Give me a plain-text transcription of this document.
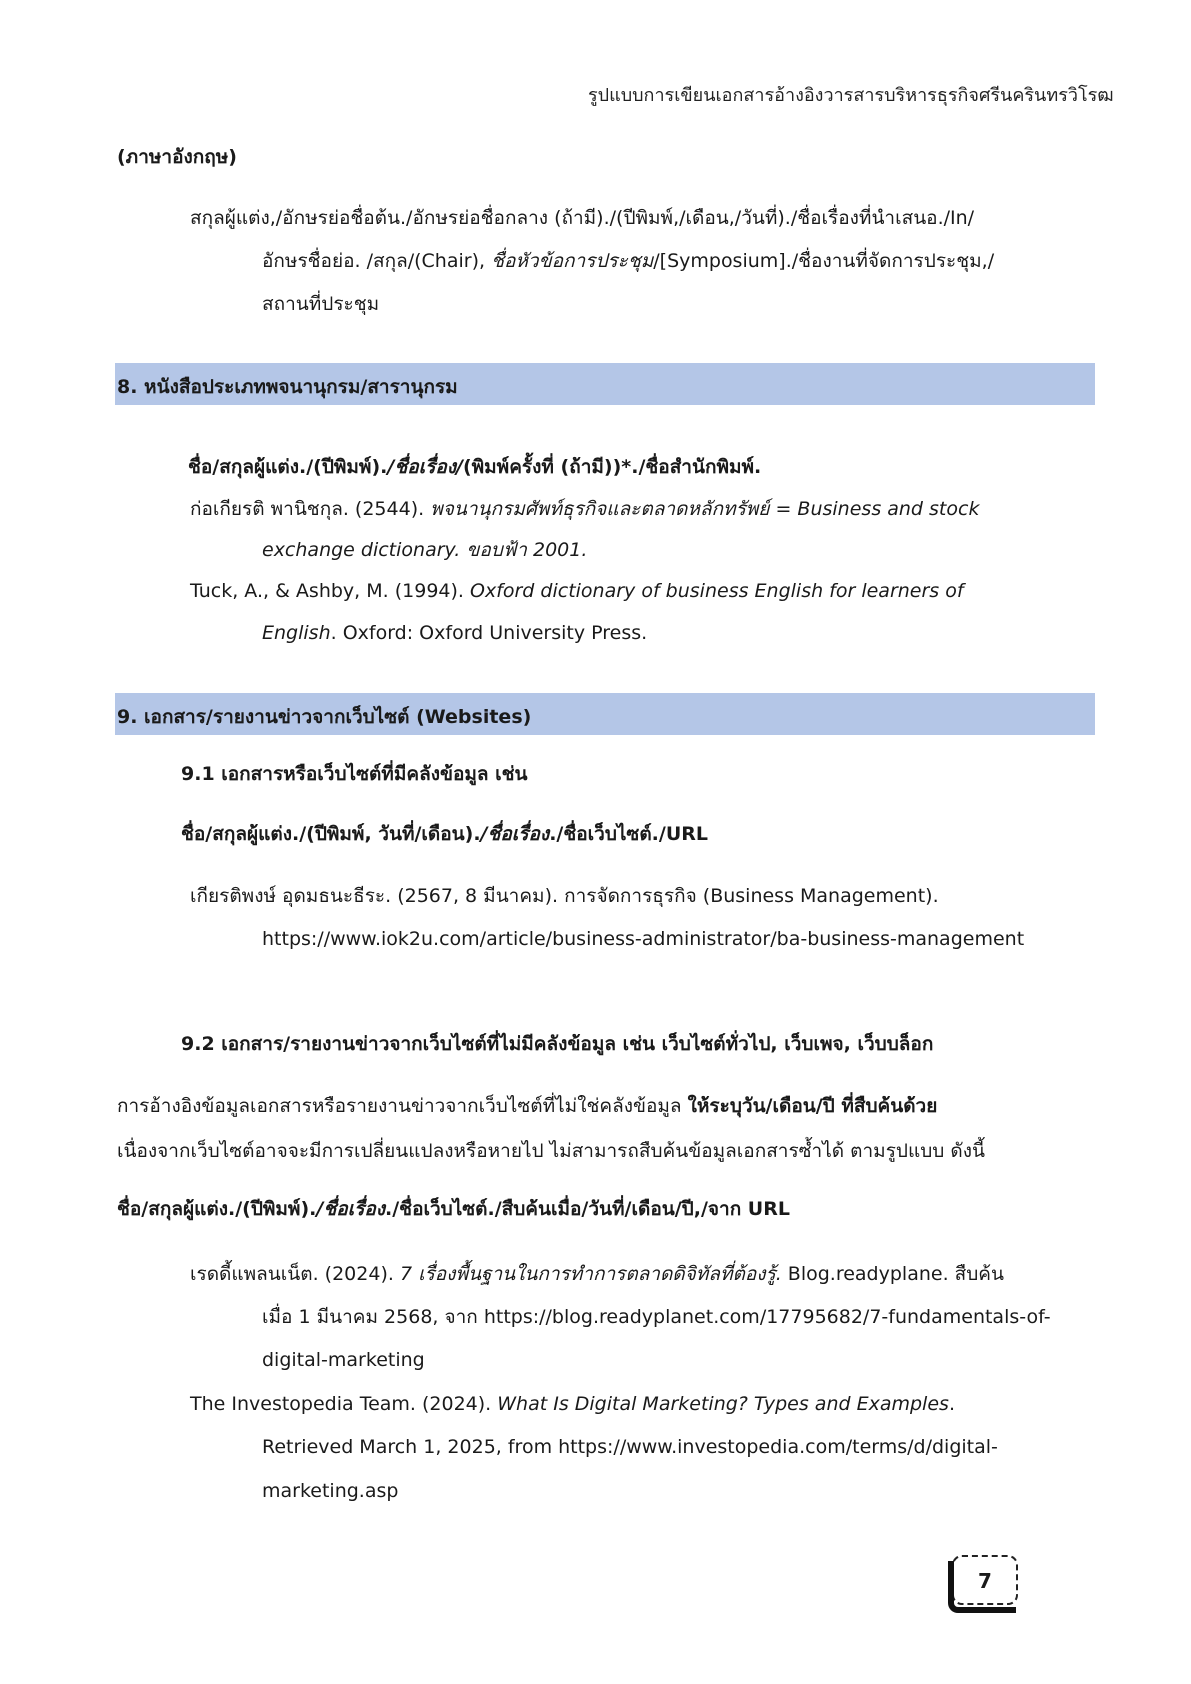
รูปแบบการเขียนเอกสารอ้างอิงวารสารบริหารธุรกิจศรีนครินทรวิโรฒ
(ภาษาอังกฤษ)
สกุลผู้แต่ง,/อักษรย่อชื่อต้น./อักษรย่อชื่อกลาง (ถ้ามี)./(ปีพิมพ์,/เดือน,/วันที่)./ชื่อเรื่องที่นำเสนอ./In/
อักษรชื่อย่อ. /สกุล/(Chair), ชื่อหัวข้อการประชุม/[Symposium]./ชื่องานที่จัดการประชุม,/
สถานที่ประชุม
8. หนังสือประเภทพจนานุกรม/สารานุกรม
ชื่อ/สกุลผู้แต่ง./(ปีพิมพ์)./ชื่อเรื่อง/(พิมพ์ครั้งที่ (ถ้ามี))*./ชื่อสำนักพิมพ์.
ก่อเกียรติ พานิชกุล. (2544). พจนานุกรมศัพท์ธุรกิจและตลาดหลักทรัพย์ = Business and stock
exchange dictionary. ขอบฟ้า 2001.
Tuck, A., & Ashby, M. (1994). Oxford dictionary of business English for learners of
English. Oxford: Oxford University Press.
9. เอกสาร/รายงานข่าวจากเว็บไซต์ (Websites)
9.1 เอกสารหรือเว็บไซต์ที่มีคลังข้อมูล เช่น
ชื่อ/สกุลผู้แต่ง./(ปีพิมพ์, วันที่/เดือน)./ชื่อเรื่อง./ชื่อเว็บไซต์./URL
เกียรติพงษ์ อุดมธนะธีระ. (2567, 8 มีนาคม). การจัดการธุรกิจ (Business Management).
https://www.iok2u.com/article/business-administrator/ba-business-management
9.2 เอกสาร/รายงานข่าวจากเว็บไซต์ที่ไม่มีคลังข้อมูล เช่น เว็บไซต์ทั่วไป, เว็บเพจ, เว็บบล็อก
การอ้างอิงข้อมูลเอกสารหรือรายงานข่าวจากเว็บไซต์ที่ไม่ใช่คลังข้อมูล ให้ระบุวัน/เดือน/ปี ที่สืบค้นด้วย
เนื่องจากเว็บไซต์อาจจะมีการเปลี่ยนแปลงหรือหายไป ไม่สามารถสืบค้นข้อมูลเอกสารซ้ำได้ ตามรูปแบบ ดังนี้
ชื่อ/สกุลผู้แต่ง./(ปีพิมพ์)./ชื่อเรื่อง./ชื่อเว็บไซต์./สืบค้นเมื่อ/วันที่/เดือน/ปี,/จาก URL
เรดดี้แพลนเน็ต. (2024). 7 เรื่องพื้นฐานในการทำการตลาดดิจิทัลที่ต้องรู้. Blog.readyplane. สืบค้น
เมื่อ 1 มีนาคม 2568, จาก https://blog.readyplanet.com/17795682/7-fundamentals-of-
digital-marketing
The Investopedia Team. (2024). What Is Digital Marketing? Types and Examples.
Retrieved March 1, 2025, from https://www.investopedia.com/terms/d/digital-
marketing.asp
7
